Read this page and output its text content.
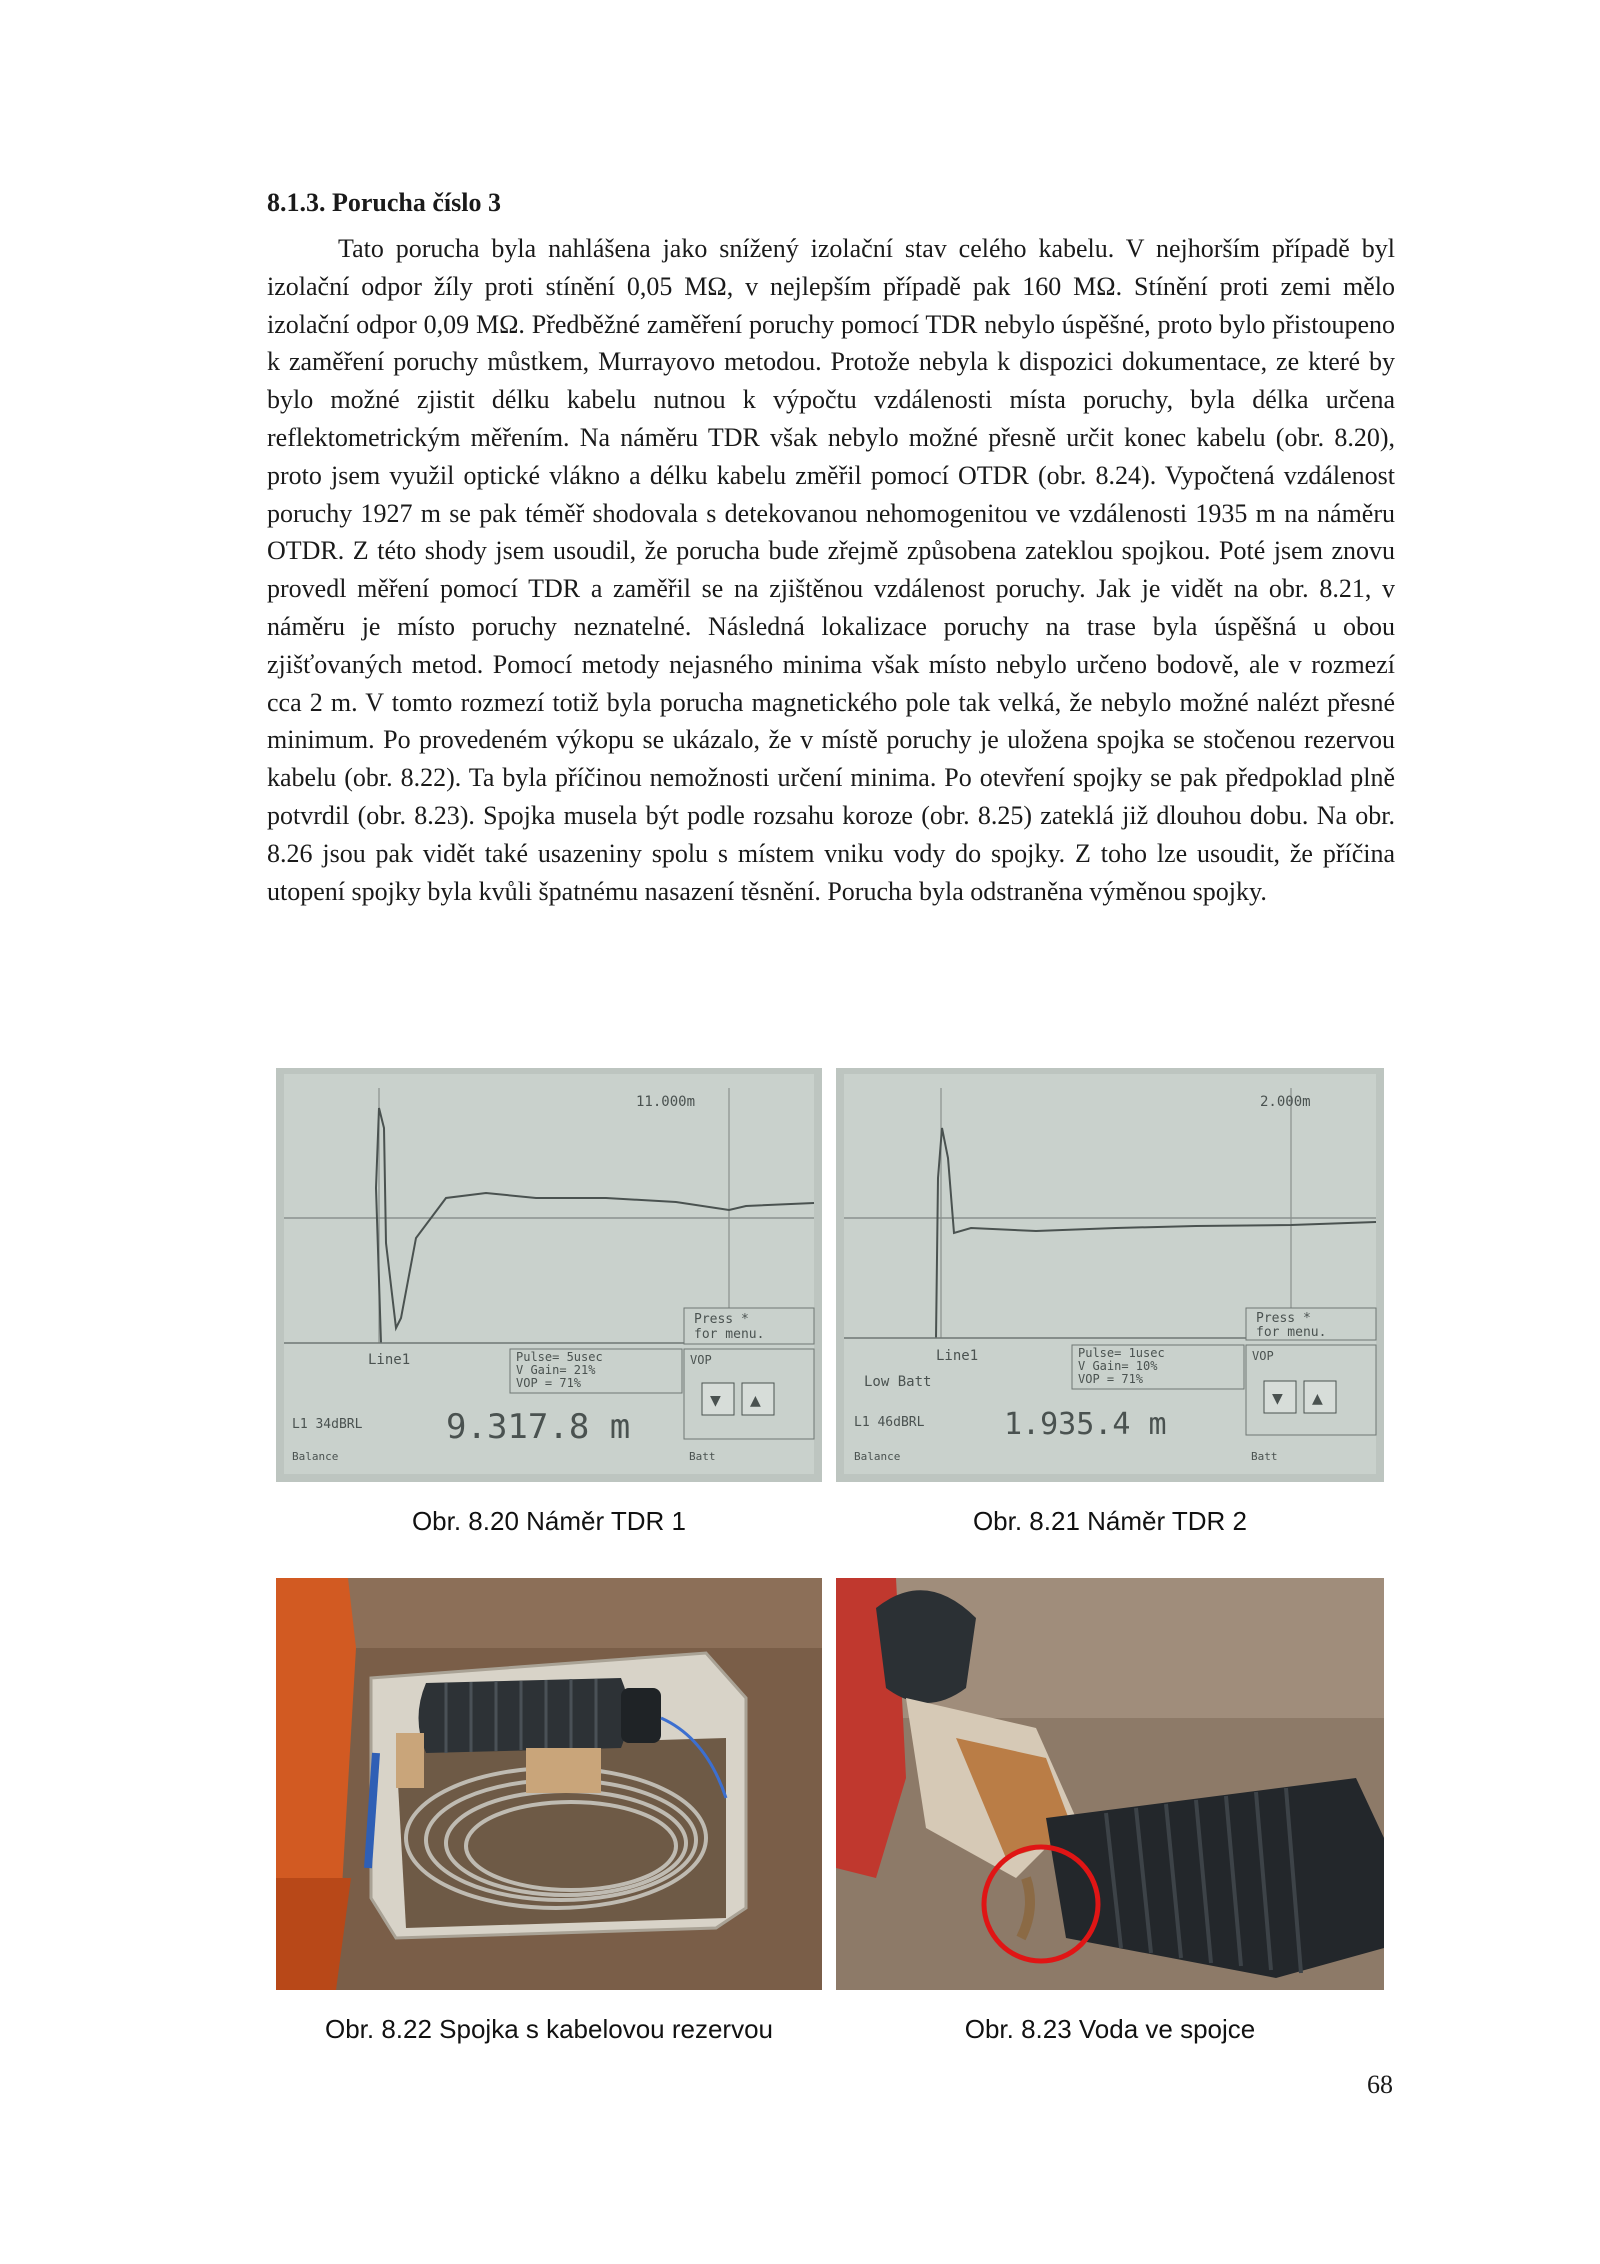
8.1.3. Porucha číslo 3

Tato porucha byla nahlášena jako snížený izolační stav celého kabelu. V nejhorším případě byl izolační odpor žíly proti stínění 0,05 MΩ, v nejlepším případě pak 160 MΩ. Stínění proti zemi mělo izolační odpor 0,09 MΩ. Předběžné zaměření poruchy pomocí TDR nebylo úspěšné, proto bylo přistoupeno k zaměření poruchy můstkem, Murrayovo metodou. Protože nebyla k dispozici dokumentace, ze které by bylo možné zjistit délku kabelu nutnou k výpočtu vzdálenosti místa poruchy, byla délka určena reflektometrickým měřením. Na náměru TDR však nebylo možné přesně určit konec kabelu (obr. 8.20), proto jsem využil optické vlákno a délku kabelu změřil pomocí OTDR (obr. 8.24). Vypočtená vzdálenost poruchy 1927 m se pak téměř shodovala s detekovanou nehomogenitou ve vzdálenosti 1935 m na náměru OTDR. Z této shody jsem usoudil, že porucha bude zřejmě způsobena zateklou spojkou. Poté jsem znovu provedl měření pomocí TDR a zaměřil se na zjištěnou vzdálenost poruchy. Jak je vidět na obr. 8.21, v náměru je místo poruchy neznatelné. Následná lokalizace poruchy na trase byla úspěšná u obou zjišťovaných metod. Pomocí metody nejasného minima však místo nebylo určeno bodově, ale v rozmezí cca 2 m. V tomto rozmezí totiž byla porucha magnetického pole tak velká, že nebylo možné nalézt přesné minimum. Po provedeném výkopu se ukázalo, že v místě poruchy je uložena spojka se stočenou rezervou kabelu (obr. 8.22). Ta byla příčinou nemožnosti určení minima. Po otevření spojky se pak předpoklad plně potvrdil (obr. 8.23). Spojka musela být podle rozsahu koroze (obr. 8.25) zateklá již dlouhou dobu. Na obr. 8.26 jsou pak vidět také usazeniny spolu s místem vniku vody do spojky. Z toho lze usoudit, že příčina utopení spojky byla kvůli špatnému nasazení těsnění. Porucha byla odstraněna výměnou spojky.

11.000m
Press *
for menu.
Line1	Pulse= 5usec
V Gain= 21%
VOP = 71%
VOP
▼ ▲
L1 34dBRL 9.317.8 m
Balance	Batt
Obr. 8.20 Náměr TDR 1
2.000m
Press *
for menu.
Line1
Low Batt
Pulse= 1usec
V Gain= 10%
VOP = 71%
VOP
▼ ▲
L1 46dBRL	1.935.4 m
Balance	Batt
Obr. 8.21 Náměr TDR 2
Obr. 8.22 Spojka s kabelovou rezervou	Obr. 8.23 Voda ve spojce
68
